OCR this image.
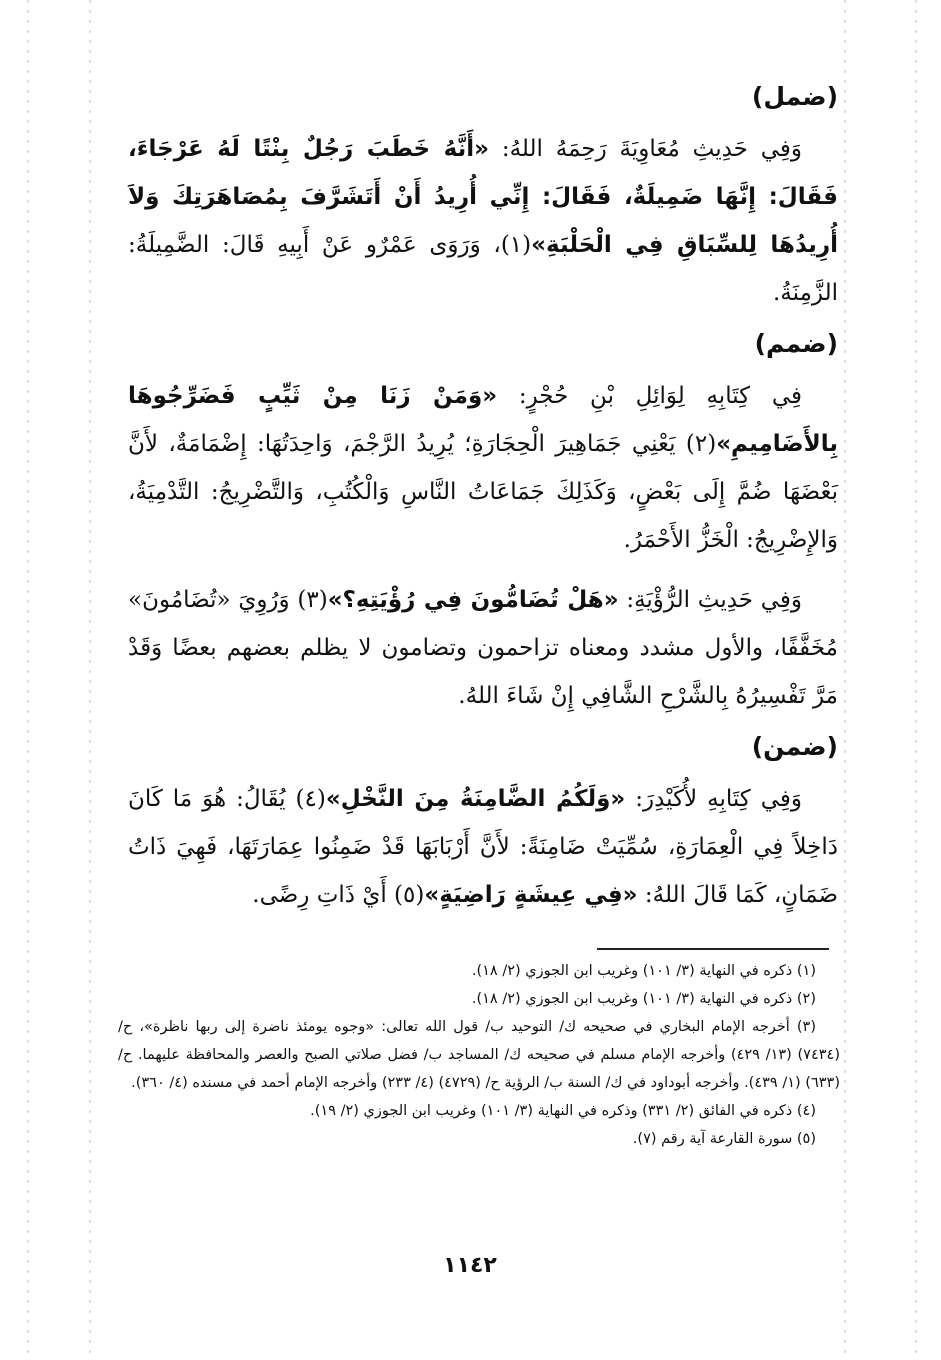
(ضمل)

وَفِي حَدِيثِ مُعَاوِيَةَ رَحِمَهُ اللهُ: «أَنَّهُ خَطَبَ رَجُلٌ بِنْتًا لَهُ عَرْجَاءَ، فَقَالَ: إِنَّهَا ضَمِيلَةٌ، فَقَالَ: إِنِّي أُرِيدُ أَنْ أَتَشَرَّفَ بِمُصَاهَرَتِكَ وَلاَ أُرِيدُهَا لِلسِّبَاقِ فِي الْحَلْبَةِ»(١)، وَرَوَى عَمْرٌو عَنْ أَبِيهِ قَالَ: الضَّمِيلَةُ: الزَّمِنَةُ.

(ضمم)

فِي كِتَابِهِ لِوَائِلِ بْنِ حُجْرٍ: «وَمَنْ زَنَا مِنْ ثَيِّبٍ فَضَرِّجُوهَا بِالأَضَامِيمِ»(٢) يَعْنِي جَمَاهِيرَ الْحِجَارَةِ؛ يُرِيدُ الرَّجْمَ، وَاحِدَتُهَا: إِضْمَامَةٌ، لأَنَّ بَعْضَهَا ضُمَّ إِلَى بَعْضٍ، وَكَذَلِكَ جَمَاعَاتُ النَّاسِ وَالْكُتُبِ، وَالتَّضْرِيجُ: التَّدْمِيَةُ، وَالإِضْرِيجُ: الْخَزُّ الأَحْمَرُ.

وَفِي حَدِيثِ الرُّؤْيَةِ: «هَلْ تُضَامُّونَ فِي رُؤْيَتِهِ؟»(٣) وَرُوِيَ «تُضَامُونَ» مُخَفَّفًا، والأول مشدد ومعناه تزاحمون وتضامون لا يظلم بعضهم بعضًا وَقَدْ مَرَّ تَفْسِيرُهُ بِالشَّرْحِ الشَّافِي إِنْ شَاءَ اللهُ.

(ضمن)

وَفِي كِتَابِهِ لأُكَيْدِرَ: «وَلَكُمُ الضَّامِنَةُ مِنَ النَّخْلِ»(٤) يُقَالُ: هُوَ مَا كَانَ دَاخِلاً فِي الْعِمَارَةِ، سُمِّيَتْ ضَامِنَةً: لأَنَّ أَرْبَابَهَا قَدْ ضَمِنُوا عِمَارَتَهَا، فَهِيَ ذَاتُ ضَمَانٍ، كَمَا قَالَ اللهُ: «فِي عِيشَةٍ رَاضِيَةٍ»(٥) أَيْ ذَاتِ رِضًى.

(١) ذكره في النهاية (٣/ ١٠١) وغريب ابن الجوزي (٢/ ١٨).

(٢) ذكره في النهاية (٣/ ١٠١) وغريب ابن الجوزي (٢/ ١٨).

(٣) أخرجه الإمام البخاري في صحيحه ك/ التوحيد ب/ قول الله تعالى: «وجوه يومئذ ناضرة إلى ربها ناظرة»، ح/ (٧٤٣٤) (١٣/ ٤٢٩) وأخرجه الإمام مسلم في صحيحه ك/ المساجد ب/ فضل صلاتي الصبح والعصر والمحافظة عليهما. ح/ (٦٣٣) (١/ ٤٣٩). وأخرجه أبوداود في ك/ السنة ب/ الرؤية ح/ (٤٧٢٩) (٤/ ٢٣٣) وأخرجه الإمام أحمد في مسنده (٤/ ٣٦٠).

(٤) ذكره في الفائق (٢/ ٣٣١) وذكره في النهاية (٣/ ١٠١) وغريب ابن الجوزي (٢/ ١٩).

(٥) سورة القارعة آية رقم (٧).

١١٤٢
